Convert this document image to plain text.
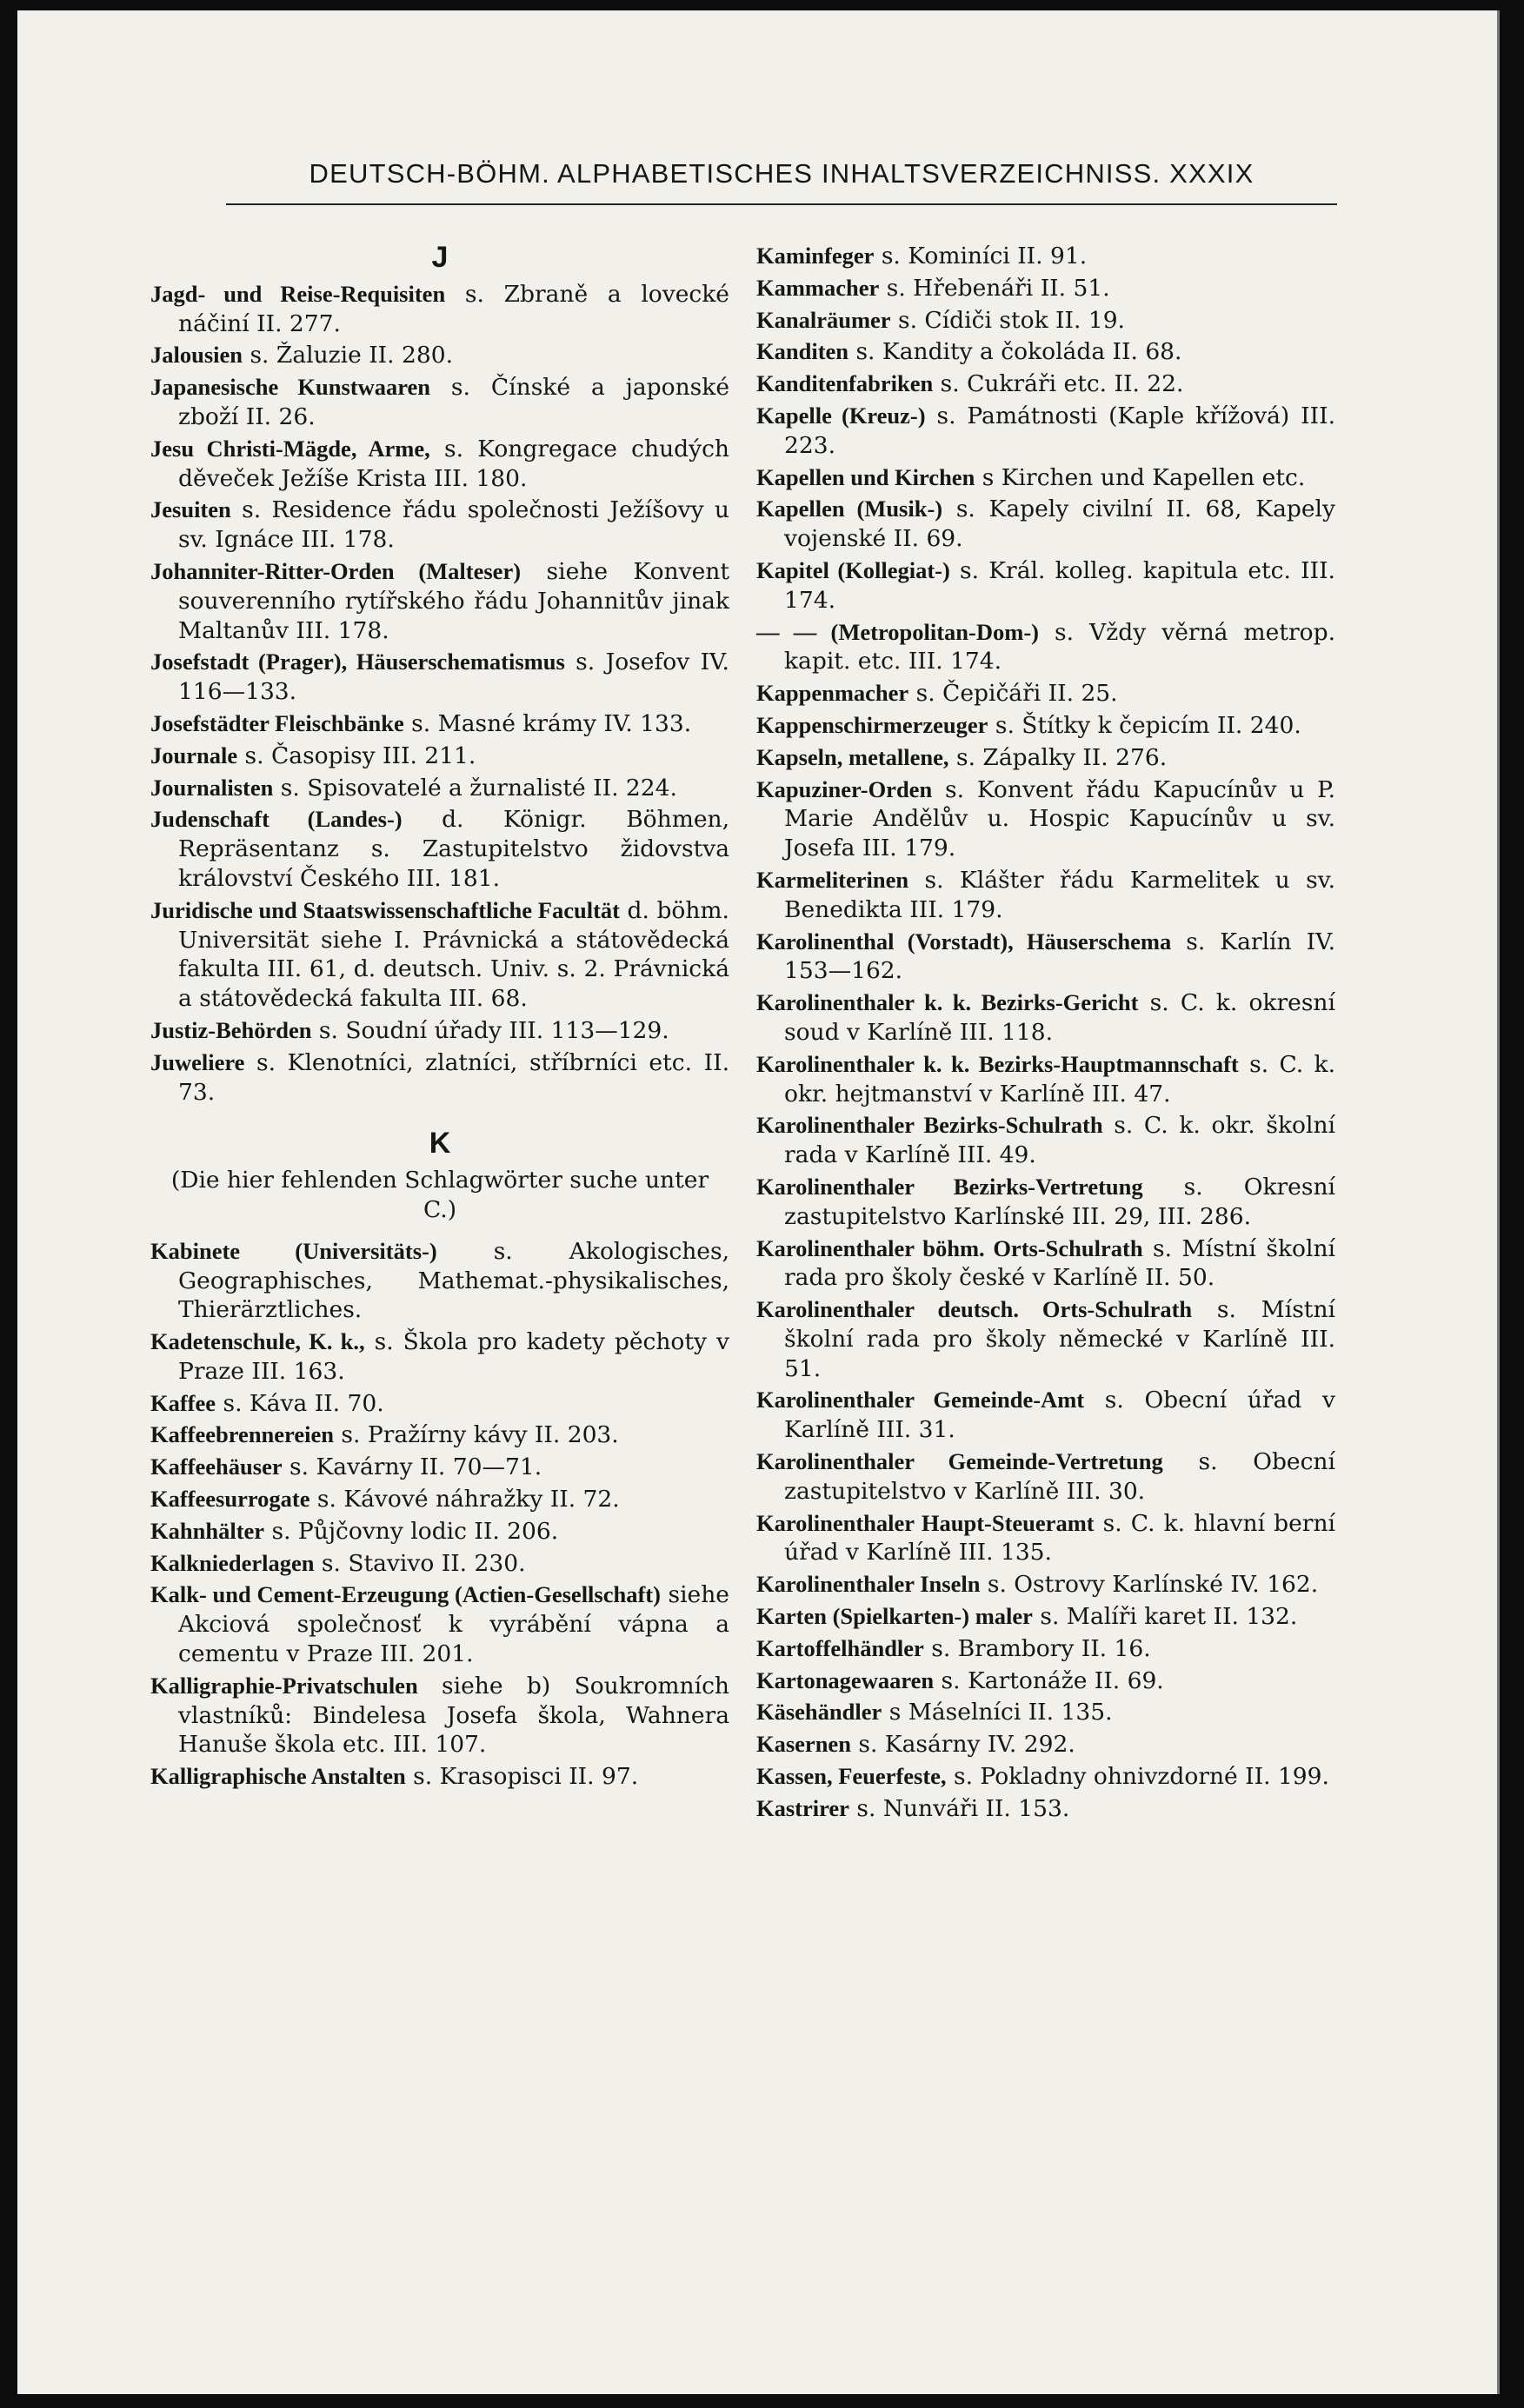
DEUTSCH-BÖHM. ALPHABETISCHES INHALTSVERZEICHNISS. XXXIX
J
Jagd- und Reise-Requisiten s. Zbraně a lovecké náčiní II. 277.
Jalousien s. Žaluzie II. 280.
Japanesische Kunstwaaren s. Čínské a japonské zboží II. 26.
Jesu Christi-Mägde, Arme, s. Kongregace chudých děveček Ježíše Krista III. 180.
Jesuiten s. Residence řádu společnosti Ježíšovy u sv. Ignáce III. 178.
Johanniter-Ritter-Orden (Malteser) siehe Konvent souverenního rytířského řádu Johannitův jinak Maltanův III. 178.
Josefstadt (Prager), Häuserschematismus s. Josefov IV. 116—133.
Josefstädter Fleischbänke s. Masné krámy IV. 133.
Journale s. Časopisy III. 211.
Journalisten s. Spisovatelé a žurnalisté II. 224.
Judenschaft (Landes-) d. Königr. Böhmen, Repräsentanz s. Zastupitelstvo židovstva království Českého III. 181.
Juridische und Staatswissenschaftliche Facultät d. böhm. Universität siehe I. Právnická a státovědecká fakulta III. 61, d. deutsch. Univ. s. 2. Právnická a státovědecká fakulta III. 68.
Justiz-Behörden s. Soudní úřady III. 113—129.
Juweliere s. Klenotníci, zlatníci, stříbrníci etc. II. 73.
K
(Die hier fehlenden Schlagwörter suche unter C.)
Kabinete (Universitäts-) s. Akologisches, Geographisches, Mathemat.-physikalisches, Thierärztliches.
Kadetenschule, K. k., s. Škola pro kadety pěchoty v Praze III. 163.
Kaffee s. Káva II. 70.
Kaffeebrennereien s. Pražírny kávy II. 203.
Kaffeehäuser s. Kavárny II. 70—71.
Kaffeesurrogate s. Kávové náhražky II. 72.
Kahnhälter s. Půjčovny lodic II. 206.
Kalkniederlagen s. Stavivo II. 230.
Kalk- und Cement-Erzeugung (Actien-Gesellschaft) siehe Akciová společnosť k vyrábění vápna a cementu v Praze III. 201.
Kalligraphie-Privatschulen siehe b) Soukromních vlastníků: Bindelesa Josefa škola, Wahnera Hanuše škola etc. III. 107.
Kalligraphische Anstalten s. Krasopisci II. 97.
Kaminfeger s. Kominíci II. 91.
Kammacher s. Hřebenáři II. 51.
Kanalräumer s. Cídiči stok II. 19.
Kanditen s. Kandity a čokoláda II. 68.
Kanditenfabriken s. Cukráři etc. II. 22.
Kapelle (Kreuz-) s. Památnosti (Kaple křížová) III. 223.
Kapellen und Kirchen s Kirchen und Kapellen etc.
Kapellen (Musik-) s. Kapely civilní II. 68, Kapely vojenské II. 69.
Kapitel (Kollegiat-) s. Král. kolleg. kapitula etc. III. 174.
— — (Metropolitan-Dom-) s. Vždy věrná metrop. kapit. etc. III. 174.
Kappenmacher s. Čepičáři II. 25.
Kappenschirmerzeuger s. Štítky k čepicím II. 240.
Kapseln, metallene, s. Zápalky II. 276.
Kapuziner-Orden s. Konvent řádu Kapucínův u P. Marie Andělův u. Hospic Kapucínův u sv. Josefa III. 179.
Karmeliterinen s. Klášter řádu Karmelitek u sv. Benedikta III. 179.
Karolinenthal (Vorstadt), Häuserschema s. Karlín IV. 153—162.
Karolinenthaler k. k. Bezirks-Gericht s. C. k. okresní soud v Karlíně III. 118.
Karolinenthaler k. k. Bezirks-Hauptmannschaft s. C. k. okr. hejtmanství v Karlíně III. 47.
Karolinenthaler Bezirks-Schulrath s. C. k. okr. školní rada v Karlíně III. 49.
Karolinenthaler Bezirks-Vertretung s. Okresní zastupitelstvo Karlínské III. 29, III. 286.
Karolinenthaler böhm. Orts-Schulrath s. Místní školní rada pro školy české v Karlíně II. 50.
Karolinenthaler deutsch. Orts-Schulrath s. Místní školní rada pro školy německé v Karlíně III. 51.
Karolinenthaler Gemeinde-Amt s. Obecní úřad v Karlíně III. 31.
Karolinenthaler Gemeinde-Vertretung s. Obecní zastupitelstvo v Karlíně III. 30.
Karolinenthaler Haupt-Steueramt s. C. k. hlavní berní úřad v Karlíně III. 135.
Karolinenthaler Inseln s. Ostrovy Karlínské IV. 162.
Karten (Spielkarten-) maler s. Malíři karet II. 132.
Kartoffelhändler s. Brambory II. 16.
Kartonagewaaren s. Kartonáže II. 69.
Käsehändler s Máselníci II. 135.
Kasernen s. Kasárny IV. 292.
Kassen, Feuerfeste, s. Pokladny ohnivzdorné II. 199.
Kastrirer s. Nunváři II. 153.
